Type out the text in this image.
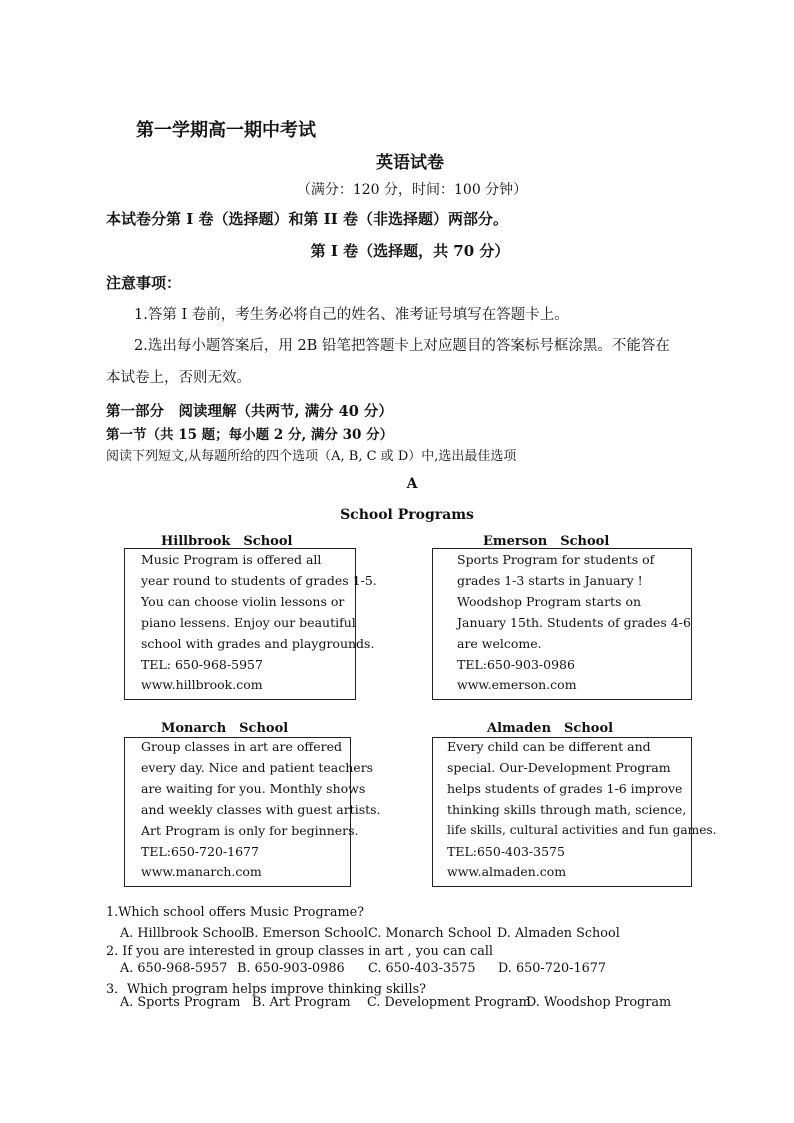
第一学期高一期中考试
英语试卷
（满分：120 分，时间：100 分钟）
本试卷分第 I 卷（选择题）和第 II 卷（非选择题）两部分。
第 I 卷（选择题，共 70 分）
注意事项：
1.答第 I 卷前，考生务必将自己的姓名、准考证号填写在答题卡上。
2.选出每小题答案后，用 2B 铅笔把答题卡上对应题目的答案标号框涂黑。不能答在
本试卷上，否则无效。
第一部分　阅读理解（共两节, 满分 40 分）
第一节（共 15 题；每小题 2 分, 满分 30 分）
阅读下列短文,从每题所给的四个选项（A, B, C 或 D）中,选出最佳选项
A
School Programs
Hillbrook　School
Music Program is offered all
year round to students of grades 1-5.
You can choose violin lessons or
piano lessens. Enjoy our beautiful
school with grades and playgrounds.
TEL: 650-968-5957
www.hillbrook.com
Emerson　School
Sports Program for students of
grades 1-3 starts in January !
Woodshop Program starts on
January 15th. Students of grades 4-6
are welcome.
TEL:650-903-0986
www.emerson.com
Monarch　School
Group classes in art are offered
every day. Nice and patient teachers
are waiting for you. Monthly shows
and weekly classes with guest artists.
Art Program is only for beginners.
TEL:650-720-1677
www.manarch.com
Almaden　School
Every child can be different and
special. Our-Development Program
helps students of grades 1-6 improve
thinking skills through math, science,
life skills, cultural activities and fun games.
TEL:650-403-3575
www.almaden.com
1.Which school offers Music Programe?
A. Hillbrook School
B. Emerson School C. Monarch School D. Almaden School
2. If you are interested in group classes in art , you can call
A. 650-968-5957 B. 650-903-0986 C. 650-403-3575 D. 650-720-1677
3．Which program helps improve thinking skills?
A. Sports Program B. Art Program C. Development Program
D. Woodshop Program
